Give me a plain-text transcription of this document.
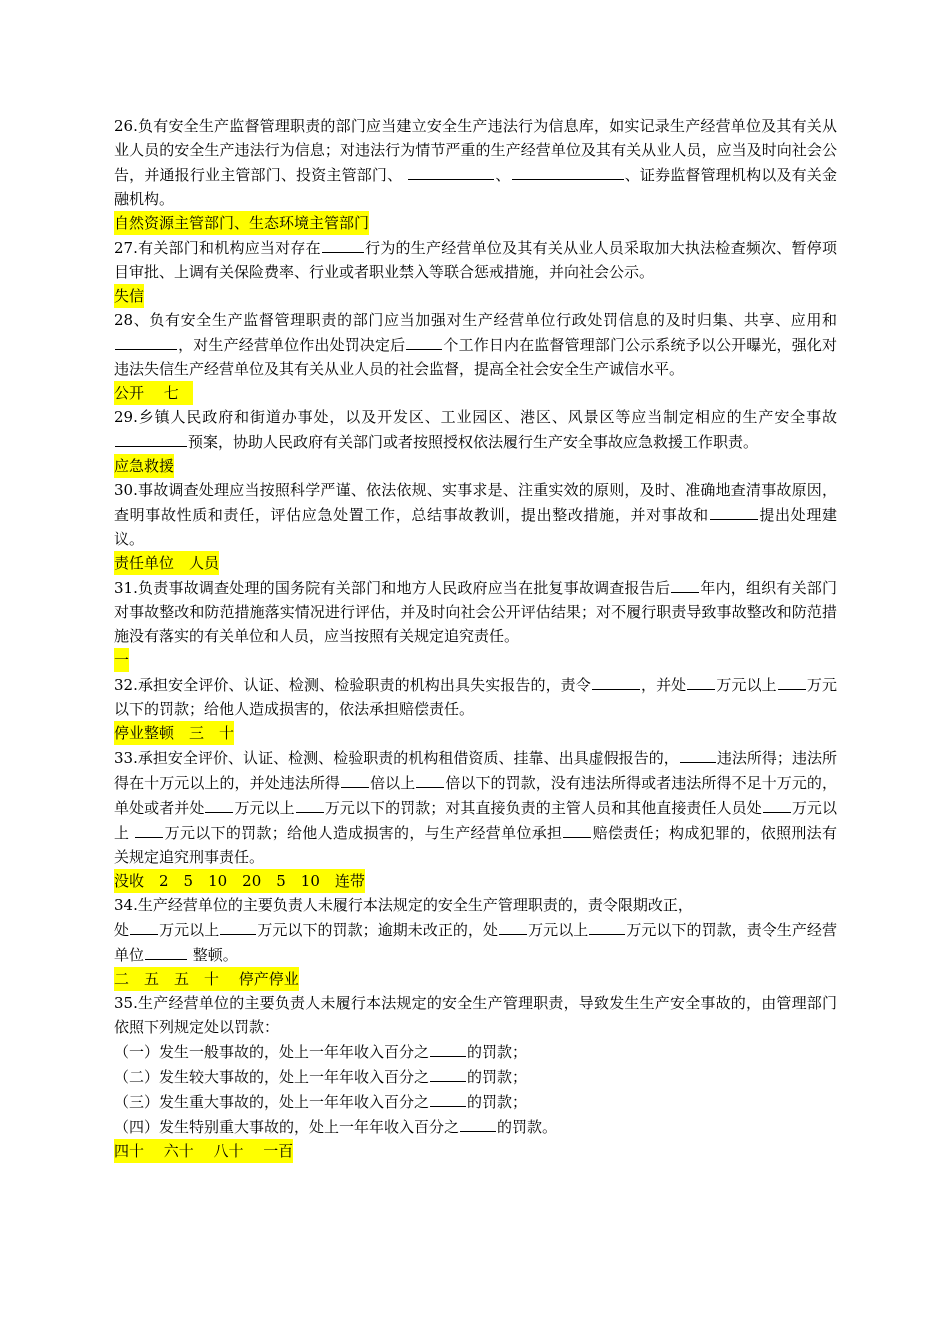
26.负有安全生产监督管理职责的部门应当建立安全生产违法行为信息库，如实记录生产经营单位及其有关从业人员的安全生产违法行为信息；对违法行为情节严重的生产经营单位及其有关从业人员，应当及时向社会公告，并通报行业主管部门、投资主管部门、	、	、证券监督管理机构以及有关金融机构。

自然资源主管部门、生态环境主管部门

27.有关部门和机构应当对存在	行为的生产经营单位及其有关从业人员采取加大执法检查频次、暂停项目审批、上调有关保险费率、行业或者职业禁入等联合惩戒措施，并向社会公示。

失信

28、负有安全生产监督管理职责的部门应当加强对生产经营单位行政处罚信息的及时归集、共享、应用和，对生产经营单位作出处罚决定后	个工作日内在监督管理部门公示系统予以公开曝光，强化对违法失信生产经营单位及其有关从业人员的社会监督，提高全社会安全生产诚信水平。

公开　 七

29.乡镇人民政府和街道办事处，以及开发区、工业园区、港区、风景区等应当制定相应的生产安全事故预案，协助人民政府有关部门或者按照授权依法履行生产安全事故应急救援工作职责。

应急救援

30.事故调查处理应当按照科学严谨、依法依规、实事求是、注重实效的原则，及时、准确地查清事故原因，查明事故性质和责任，评估应急处置工作，总结事故教训，提出整改措施，并对事故和	提出处理建议。

责任单位　人员

31.负责事故调查处理的国务院有关部门和地方人民政府应当在批复事故调查报告后 年内，组织有关部门对事故整改和防范措施落实情况进行评估，并及时向社会公开评估结果；对不履行职责导致事故整改和防范措施没有落实的有关单位和人员，应当按照有关规定追究责任。

一

32.承担安全评价、认证、检测、检验职责的机构出具失实报告的，责令	，并处 万元以上 万元以下的罚款；给他人造成损害的，依法承担赔偿责任。

停业整顿　三　十

33.承担安全评价、认证、检测、检验职责的机构租借资质、挂靠、出具虚假报告的，	违法所得；违法所得在十万元以上的，并处违法所得 倍以上 倍以下的罚款，没有违法所得或者违法所得不足十万元的，单处或者并处 万元以上 万元以下的罚款；对其直接负责的主管人员和其他直接责任人员处 万元以上 万元以下的罚款；给他人造成损害的，与生产经营单位承担 赔偿责任；构成犯罪的，依照刑法有关规定追究刑事责任。

没收　2　5　10　20　5　10　连带

34.生产经营单位的主要负责人未履行本法规定的安全生产管理职责的，责令限期改正，
处 万元以上	万元以下的罚款；逾期未改正的，处 万元以上	万元以下的罚款，责令生产经营单位	整顿。

二　五　五　十　 停产停业

35.生产经营单位的主要负责人未履行本法规定的安全生产管理职责，导致发生生产安全事故的，由管理部门依照下列规定处以罚款：

（一）发生一般事故的，处上一年年收入百分之	的罚款；

（二）发生较大事故的，处上一年年收入百分之	的罚款；

（三）发生重大事故的，处上一年年收入百分之	的罚款；

（四）发生特别重大事故的，处上一年年收入百分之	的罚款。

四十　 六十　 八十　 一百
